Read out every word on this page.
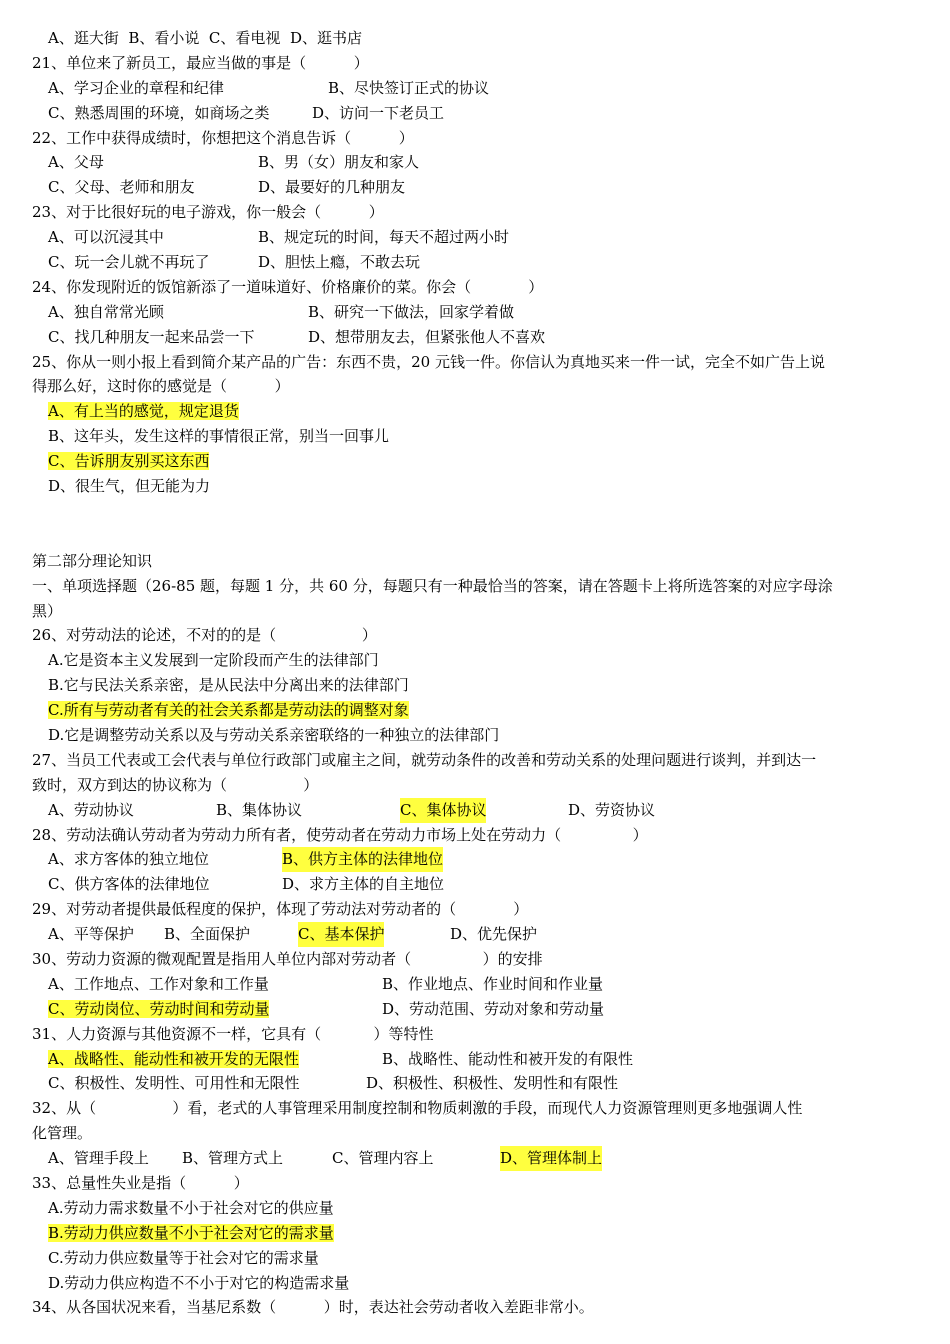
A、逛大街  B、看小说  C、看电视  D、逛书店
21、单位来了新员工，最应当做的事是（          ）
A、学习企业的章程和纪律	B、尽快签订正式的协议
C、熟悉周围的环境，如商场之类	D、访问一下老员工
22、工作中获得成绩时，你想把这个消息告诉（          ）
A、父母	B、男（女）朋友和家人
C、父母、老师和朋友	D、最要好的几种朋友
23、对于比很好玩的电子游戏，你一般会（          ）
A、可以沉浸其中	B、规定玩的时间，每天不超过两小时
C、玩一会儿就不再玩了	D、胆怯上瘾，不敢去玩
24、你发现附近的饭馆新添了一道味道好、价格廉价的菜。你会（            ）
A、独自常常光顾	B、研究一下做法，回家学着做
C、找几种朋友一起来品尝一下	D、想带朋友去，但紧张他人不喜欢
25、你从一则小报上看到简介某产品的广告：东西不贵，20 元钱一件。你信认为真地买来一件一试，完全不如广告上说
得那么好，这时你的感觉是（          ）
A、有上当的感觉，规定退货
B、这年头，发生这样的事情很正常，别当一回事儿
C、告诉朋友别买这东西
D、很生气，但无能为力
第二部分理论知识
一、单项选择题（26-85 题，每题 1 分，共 60 分，每题只有一种最恰当的答案，请在答题卡上将所选答案的对应字母涂
黑）
26、对劳动法的论述，不对的的是（                  ）
A.它是资本主义发展到一定阶段而产生的法律部门
B.它与民法关系亲密，是从民法中分离出来的法律部门
C.所有与劳动者有关的社会关系都是劳动法的调整对象
D.它是调整劳动关系以及与劳动关系亲密联络的一种独立的法律部门
27、当员工代表或工会代表与单位行政部门或雇主之间，就劳动条件的改善和劳动关系的处理问题进行谈判，并到达一
致时，双方到达的协议称为（                ）
A、劳动协议	B、集体协议	C、集体协议	D、劳资协议
28、劳动法确认劳动者为劳动力所有者，使劳动者在劳动力市场上处在劳动力（               ）
A、求方客体的独立地位	B、供方主体的法律地位
C、供方客体的法律地位	D、求方主体的自主地位
29、对劳动者提供最低程度的保护，体现了劳动法对劳动者的（            ）
A、平等保护 B、全面保护	C、基本保护	D、优先保护
30、劳动力资源的微观配置是指用人单位内部对劳动者（               ）的安排
A、工作地点、工作对象和工作量	B、作业地点、作业时间和作业量
C、劳动岗位、劳动时间和劳动量	D、劳动范围、劳动对象和劳动量
31、人力资源与其他资源不一样，它具有（           ）等特性
A、战略性、能动性和被开发的无限性	B、战略性、能动性和被开发的有限性
C、积极性、发明性、可用性和无限性	D、积极性、积极性、发明性和有限性
32、从（                ）看，老式的人事管理采用制度控制和物质刺激的手段，而现代人力资源管理则更多地强调人性
化管理。
A、管理手段上 B、管理方式上	C、管理内容上	D、管理体制上
33、总量性失业是指（          ）
A.劳动力需求数量不小于社会对它的供应量
B.劳动力供应数量不小于社会对它的需求量
C.劳动力供应数量等于社会对它的需求量
D.劳动力供应构造不不小于对它的构造需求量
34、从各国状况来看，当基尼系数（          ）时，表达社会劳动者收入差距非常小。
